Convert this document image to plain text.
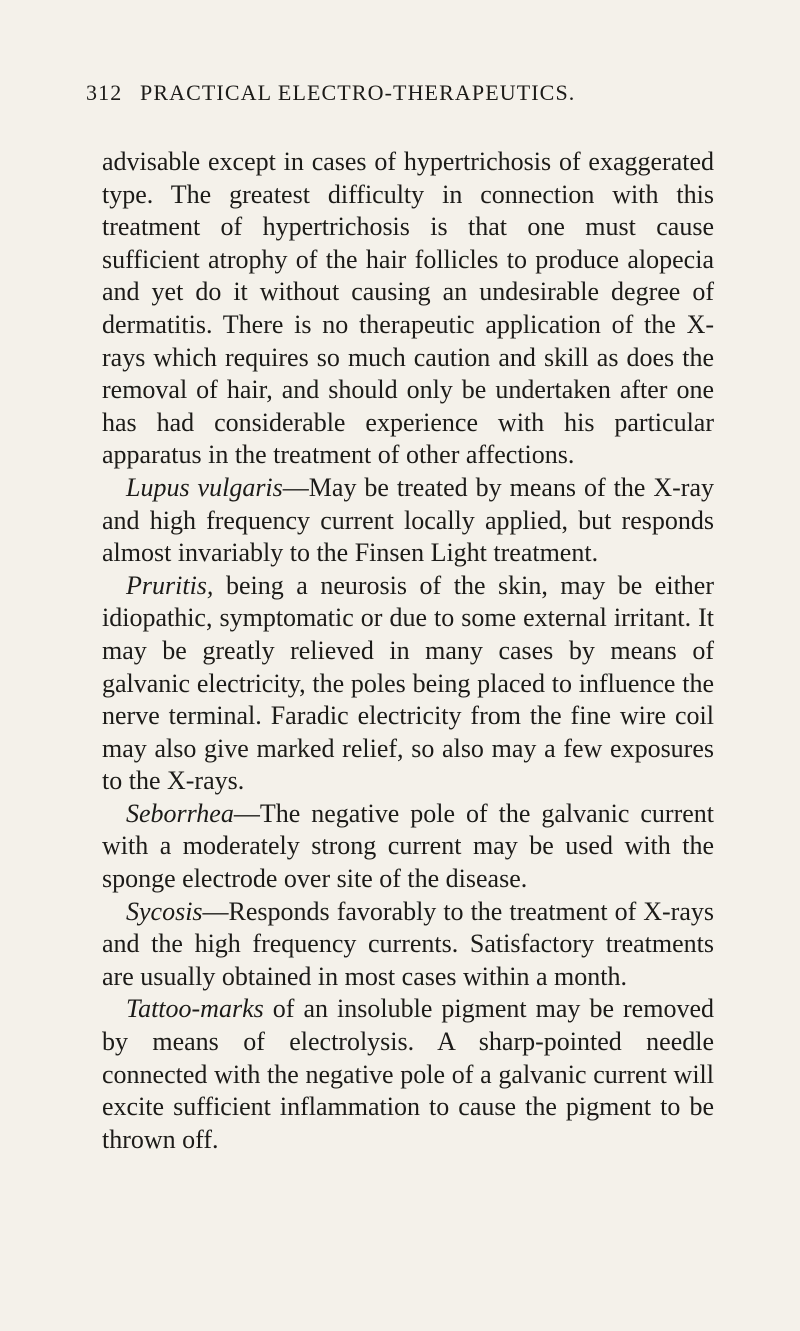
312 PRACTICAL ELECTRO-THERAPEUTICS.

advisable except in cases of hypertrichosis of exaggerated type. The greatest difficulty in connection with this treatment of hypertrichosis is that one must cause sufficient atrophy of the hair follicles to produce alopecia and yet do it without causing an undesirable degree of dermatitis. There is no therapeutic application of the X-rays which requires so much caution and skill as does the removal of hair, and should only be undertaken after one has had considerable experience with his particular apparatus in the treatment of other affections.

Lupus vulgaris—May be treated by means of the X-ray and high frequency current locally applied, but responds almost invariably to the Finsen Light treatment.

Pruritis, being a neurosis of the skin, may be either idiopathic, symptomatic or due to some external irritant. It may be greatly relieved in many cases by means of galvanic electricity, the poles being placed to influence the nerve terminal. Faradic electricity from the fine wire coil may also give marked relief, so also may a few exposures to the X-rays.

Seborrhea—The negative pole of the galvanic current with a moderately strong current may be used with the sponge electrode over site of the disease.

Sycosis—Responds favorably to the treatment of X-rays and the high frequency currents. Satisfactory treatments are usually obtained in most cases within a month.

Tattoo-marks of an insoluble pigment may be removed by means of electrolysis. A sharp-pointed needle connected with the negative pole of a galvanic current will excite sufficient inflammation to cause the pigment to be thrown off.
